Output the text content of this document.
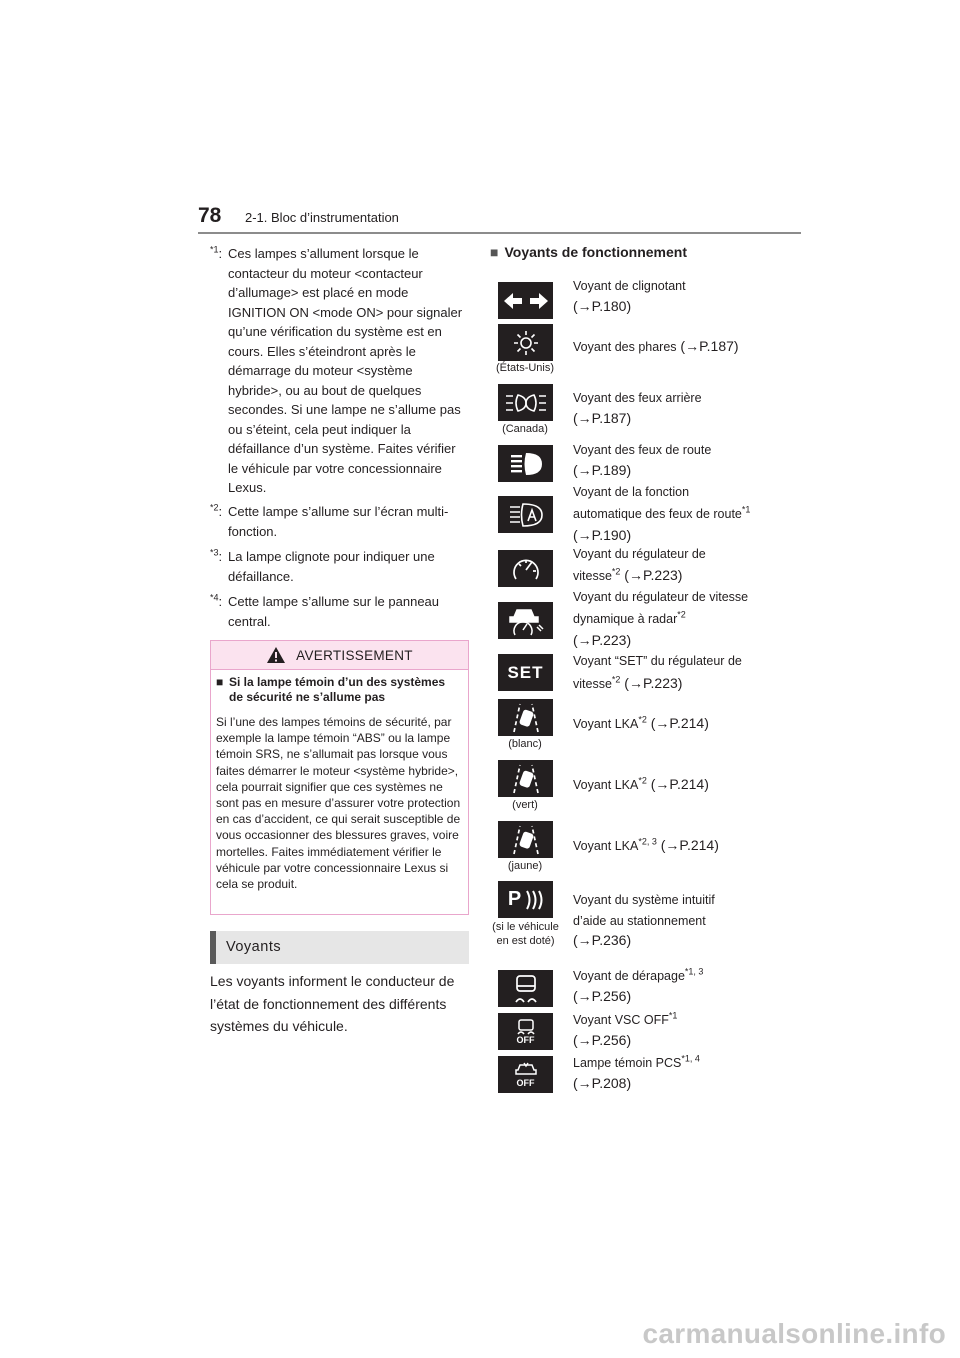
78 2-1. Bloc d’instrumentation
$^{*1}$: Ces lampes s’allument lorsque le contacteur du moteur <contacteur d’allumage> est placé en mode IGNITION ON <mode ON> pour signaler qu’une vérification du système est en cours. Elles s’éteindront après le démarrage du moteur <système hybride>, ou au bout de quelques secondes. Si une lampe ne s’allume pas ou s’éteint, cela peut indiquer la défaillance d’un système. Faites vérifier le véhicule par votre concessionnaire Lexus.
$^{*2}$: Cette lampe s’allume sur l’écran multi-fonction.
$^{*3}$: La lampe clignote pour indiquer une défaillance.
$^{*4}$: Cette lampe s’allume sur le panneau central.
AVERTISSEMENT
■ Si la lampe témoin d’un des systèmes de sécurité ne s’allume pas
Si l’une des lampes témoins de sécurité, par exemple la lampe témoin “ABS” ou la lampe témoin SRS, ne s’allumait pas lorsque vous faites démarrer le moteur <système hybride>, cela pourrait signifier que ces systèmes ne sont pas en mesure d’assurer votre protection en cas d’accident, ce qui serait susceptible de vous occasionner des blessures graves, voire mortelles. Faites immédiatement vérifier le véhicule par votre concessionnaire Lexus si cela se produit.
Voyants
Les voyants informent le conducteur de l’état de fonctionnement des différents systèmes du véhicule.
■ Voyants de fonctionnement
SET
P
OFF
OFF
(États-Unis)
(Canada)
(blanc)
(vert)
(jaune)
(si le véhicule en est doté)
Voyant de clignotant
(→P.180)
Voyant des phares (→P.187)
Voyant des feux arrière
(→P.187)
Voyant des feux de route
(→P.189)
Voyant de la fonction automatique des feux de route$^{*1}$
(→P.190)
Voyant du régulateur de vitesse$^{*2}$ (→P.223)
Voyant du régulateur de vitesse dynamique à radar$^{*2}$
(→P.223)
Voyant “SET” du régulateur de vitesse$^{*2}$ (→P.223)
Voyant LKA$^{*2}$ (→P.214)
Voyant LKA$^{*2}$ (→P.214)
Voyant LKA$^{*2, 3}$ (→P.214)
Voyant du système intuitif d’aide au stationnement
(→P.236)
Voyant de dérapage$^{*1, 3}$
(→P.256)
Voyant VSC OFF$^{*1}$
(→P.256)
Lampe témoin PCS$^{*1, 4}$
(→P.208)
carmanualsonline.info
